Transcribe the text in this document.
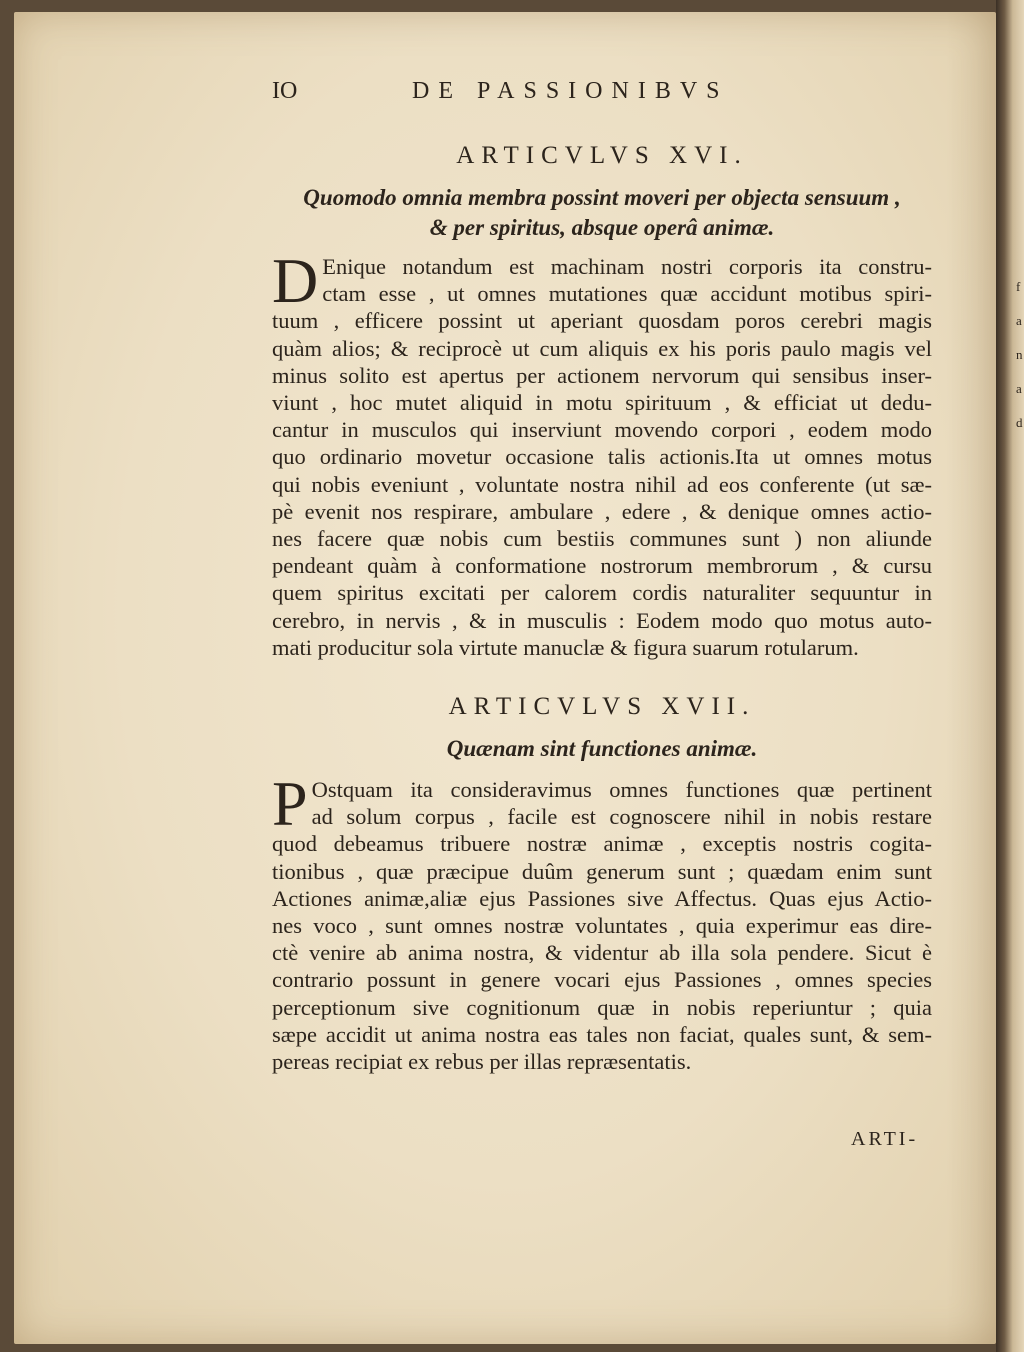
f
a
n
a
d
IO	DE PASSIONIBVS
ARTICVLVS XVI.
Quomodo omnia membra possint moveri per objecta sensuum ,
& per spiritus, absque operâ animæ.
D Enique notandum est machinam nostri corporis ita constru-
ctam esse , ut omnes mutationes quæ accidunt motibus spiri-
tuum , efficere possint ut aperiant quosdam poros cerebri magis
quàm alios; & reciprocè ut cum aliquis ex his poris paulo magis vel
minus solito est apertus per actionem nervorum qui sensibus inser-
viunt , hoc mutet aliquid in motu spirituum , & efficiat ut dedu-
cantur in musculos qui inserviunt movendo corpori , eodem modo
quo ordinario movetur occasione talis actionis.Ita ut omnes motus
qui nobis eveniunt , voluntate nostra nihil ad eos conferente (ut sæ-
pè evenit nos respirare, ambulare , edere , & denique omnes actio-
nes facere quæ nobis cum bestiis communes sunt ) non aliunde
pendeant quàm à conformatione nostrorum membrorum , & cursu
quem spiritus excitati per calorem cordis naturaliter sequuntur in
cerebro, in nervis , & in musculis : Eodem modo quo motus auto-
mati producitur sola virtute manuclæ & figura suarum rotularum.
ARTICVLVS XVII.
Quænam sint functiones animæ.
P Ostquam ita consideravimus omnes functiones quæ pertinent
ad solum corpus , facile est cognoscere nihil in nobis restare
quod debeamus tribuere nostræ animæ , exceptis nostris cogita-
tionibus , quæ præcipue duûm generum sunt ; quædam enim sunt
Actiones animæ,aliæ ejus Passiones sive Affectus. Quas ejus Actio-
nes voco , sunt omnes nostræ voluntates , quia experimur eas dire-
ctè venire ab anima nostra, & videntur ab illa sola pendere. Sicut è
contrario possunt in genere vocari ejus Passiones , omnes species
perceptionum sive cognitionum quæ in nobis reperiuntur ; quia
sæpe accidit ut anima nostra eas tales non faciat, quales sunt, & sem-
pereas recipiat ex rebus per illas repræsentatis.
ARTI-
